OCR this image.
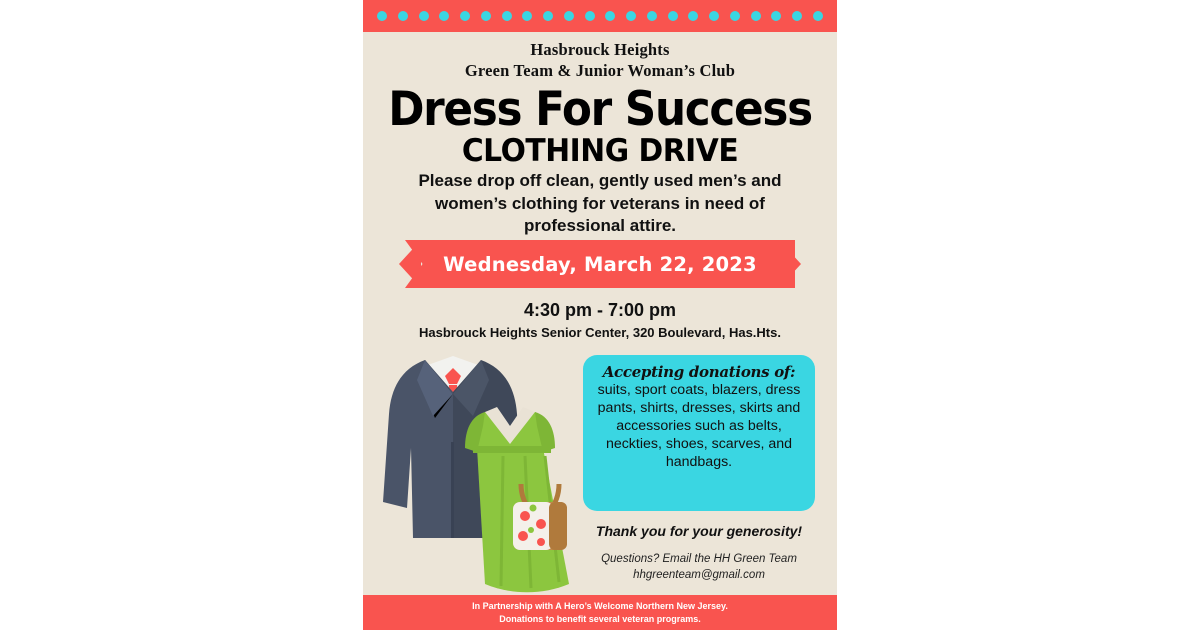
Hasbrouck Heights
Green Team & Junior Woman’s Club
Dress For Success
CLOTHING DRIVE
Please drop off clean, gently used men’s and women’s clothing for veterans in need of professional attire.
Wednesday, March 22, 2023
4:30 pm - 7:00 pm
Hasbrouck Heights Senior Center, 320 Boulevard, Has.Hts.
Accepting donations of:
suits, sport coats, blazers, dress pants, shirts, dresses, skirts and accessories such as belts, neckties, shoes, scarves, and handbags.
Thank you for your generosity!
Questions? Email the HH Green Team
hhgreenteam@gmail.com
In Partnership with A Hero’s Welcome Northern New Jersey.
Donations to benefit several veteran programs.
